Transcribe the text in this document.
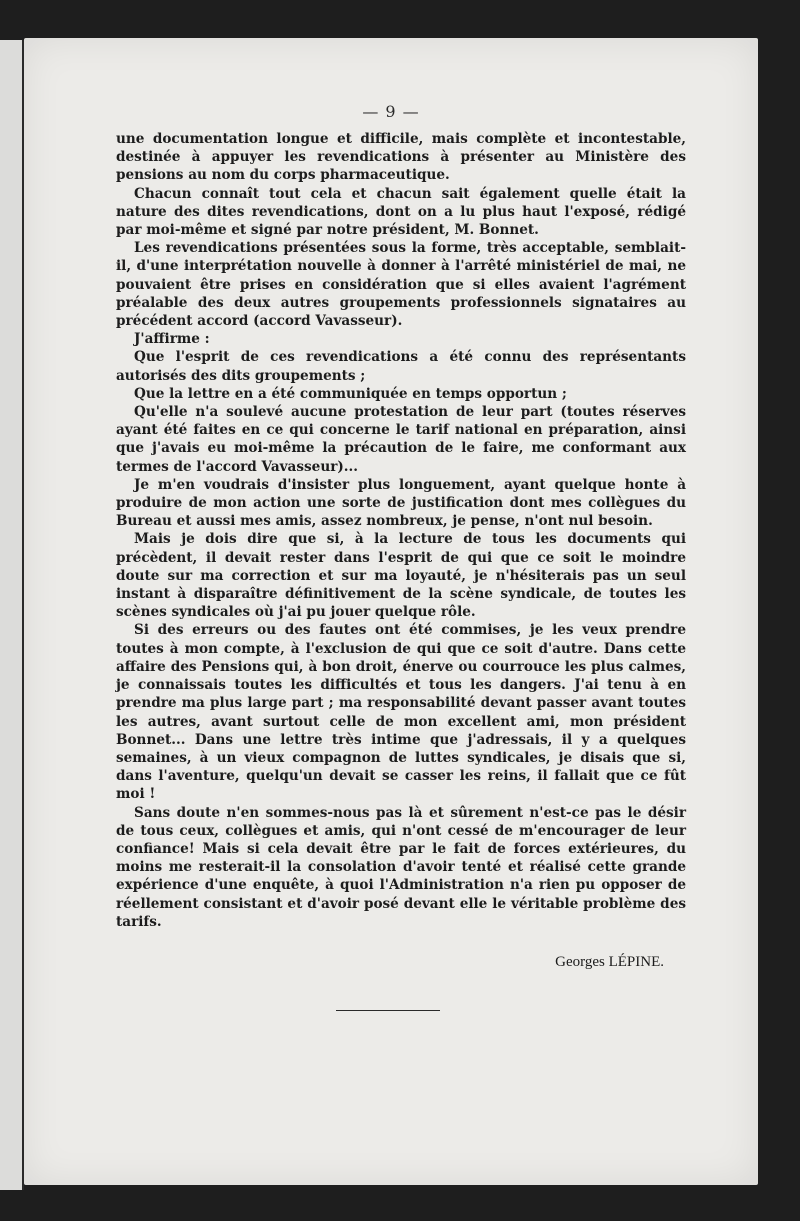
— 9 —

une documentation longue et difficile, mais complète et incontestable, destinée à appuyer les revendications à présenter au Ministère des pensions au nom du corps pharmaceutique.

Chacun connaît tout cela et chacun sait également quelle était la nature des dites revendications, dont on a lu plus haut l'exposé, rédigé par moi-même et signé par notre président, M. Bonnet.

Les revendications présentées sous la forme, très acceptable, semblait-il, d'une interprétation nouvelle à donner à l'arrêté ministériel de mai, ne pouvaient être prises en considération que si elles avaient l'agrément préalable des deux autres groupements professionnels signataires au précédent accord (accord Vavasseur).

J'affirme :

Que l'esprit de ces revendications a été connu des représentants autorisés des dits groupements ;

Que la lettre en a été communiquée en temps opportun ;

Qu'elle n'a soulevé aucune protestation de leur part (toutes réserves ayant été faites en ce qui concerne le tarif national en préparation, ainsi que j'avais eu moi-même la précaution de le faire, me conformant aux termes de l'accord Vavasseur)...

Je m'en voudrais d'insister plus longuement, ayant quelque honte à produire de mon action une sorte de justification dont mes collègues du Bureau et aussi mes amis, assez nombreux, je pense, n'ont nul besoin.

Mais je dois dire que si, à la lecture de tous les documents qui précèdent, il devait rester dans l'esprit de qui que ce soit le moindre doute sur ma correction et sur ma loyauté, je n'hésiterais pas un seul instant à disparaître définitivement de la scène syndicale, de toutes les scènes syndicales où j'ai pu jouer quelque rôle.

Si des erreurs ou des fautes ont été commises, je les veux prendre toutes à mon compte, à l'exclusion de qui que ce soit d'autre. Dans cette affaire des Pensions qui, à bon droit, énerve ou courrouce les plus calmes, je connaissais toutes les difficultés et tous les dangers. J'ai tenu à en prendre ma plus large part ; ma responsabilité devant passer avant toutes les autres, avant surtout celle de mon excellent ami, mon président Bonnet... Dans une lettre très intime que j'adressais, il y a quelques semaines, à un vieux compagnon de luttes syndicales, je disais que si, dans l'aventure, quelqu'un devait se casser les reins, il fallait que ce fût moi !

Sans doute n'en sommes-nous pas là et sûrement n'est-ce pas le désir de tous ceux, collègues et amis, qui n'ont cessé de m'encourager de leur confiance! Mais si cela devait être par le fait de forces extérieures, du moins me resterait-il la consolation d'avoir tenté et réalisé cette grande expérience d'une enquête, à quoi l'Administration n'a rien pu opposer de réellement consistant et d'avoir posé devant elle le véritable problème des tarifs.

Georges LÉPINE.
